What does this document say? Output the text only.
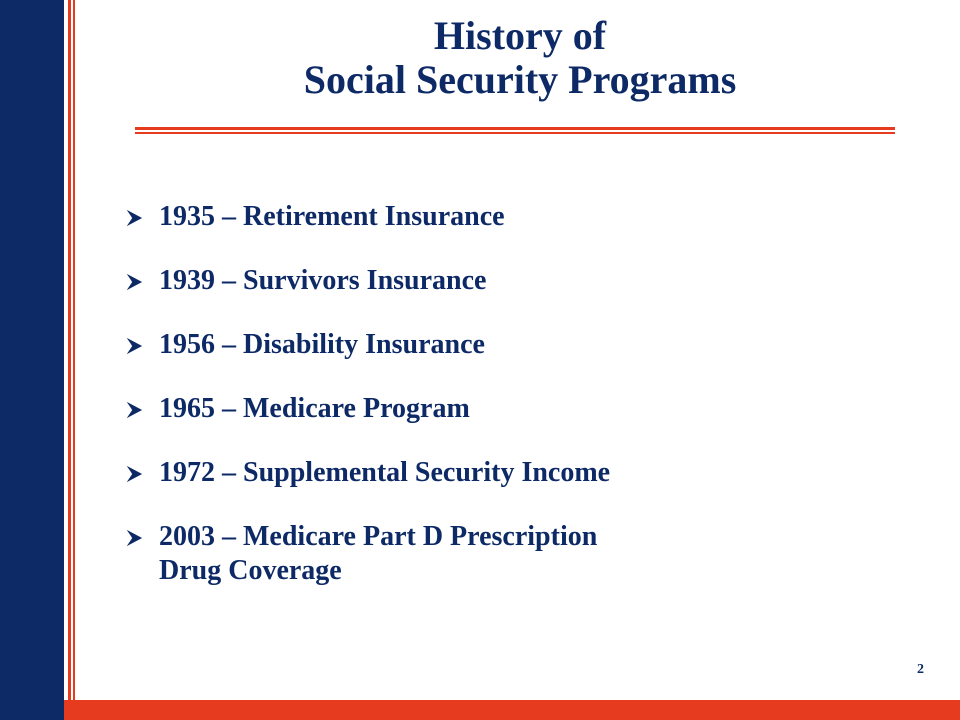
History of
Social Security Programs
1935 – Retirement Insurance
1939 – Survivors Insurance
1956 – Disability Insurance
1965 – Medicare Program
1972 – Supplemental Security Income
2003 – Medicare Part D Prescription
Drug Coverage
2
